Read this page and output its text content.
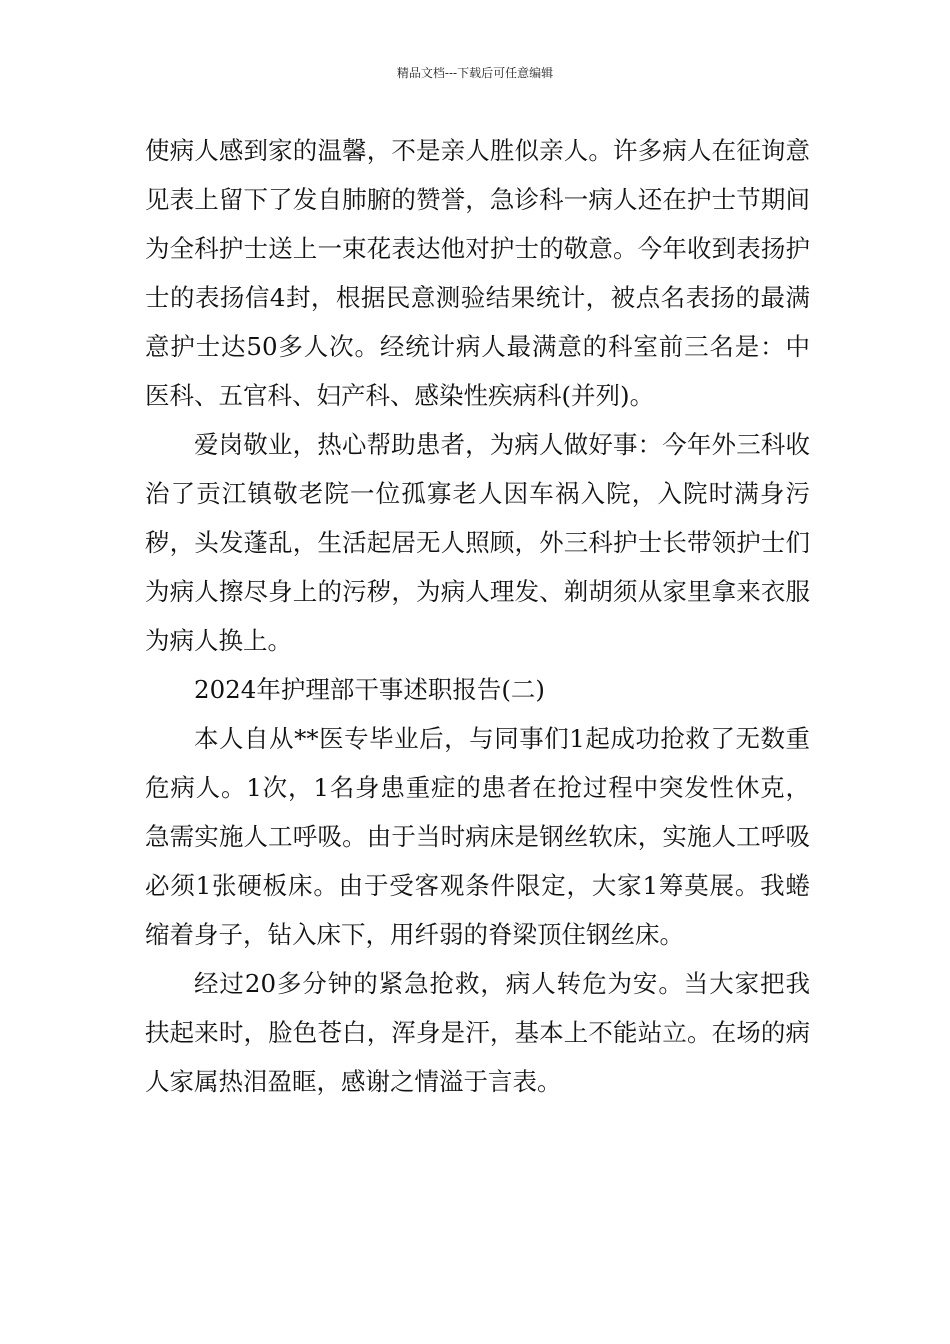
精品文档---下载后可任意编辑

使病人感到家的温馨，不是亲人胜似亲人。许多病人在征询意见表上留下了发自肺腑的赞誉，急诊科一病人还在护士节期间为全科护士送上一束花表达他对护士的敬意。今年收到表扬护士的表扬信4封，根据民意测验结果统计，被点名表扬的最满意护士达50多人次。经统计病人最满意的科室前三名是：中医科、五官科、妇产科、感染性疾病科(并列)。

爱岗敬业，热心帮助患者，为病人做好事：今年外三科收治了贡江镇敬老院一位孤寡老人因车祸入院，入院时满身污秽，头发蓬乱，生活起居无人照顾，外三科护士长带领护士们为病人擦尽身上的污秽，为病人理发、剃胡须从家里拿来衣服为病人换上。

2024年护理部干事述职报告(二)

本人自从**医专毕业后，与同事们1起成功抢救了无数重危病人。1次，1名身患重症的患者在抢过程中突发性休克，急需实施人工呼吸。由于当时病床是钢丝软床，实施人工呼吸必须1张硬板床。由于受客观条件限定，大家1筹莫展。我蜷缩着身子，钻入床下，用纤弱的脊梁顶住钢丝床。

经过20多分钟的紧急抢救，病人转危为安。当大家把我扶起来时，脸色苍白，浑身是汗，基本上不能站立。在场的病人家属热泪盈眶，感谢之情溢于言表。
